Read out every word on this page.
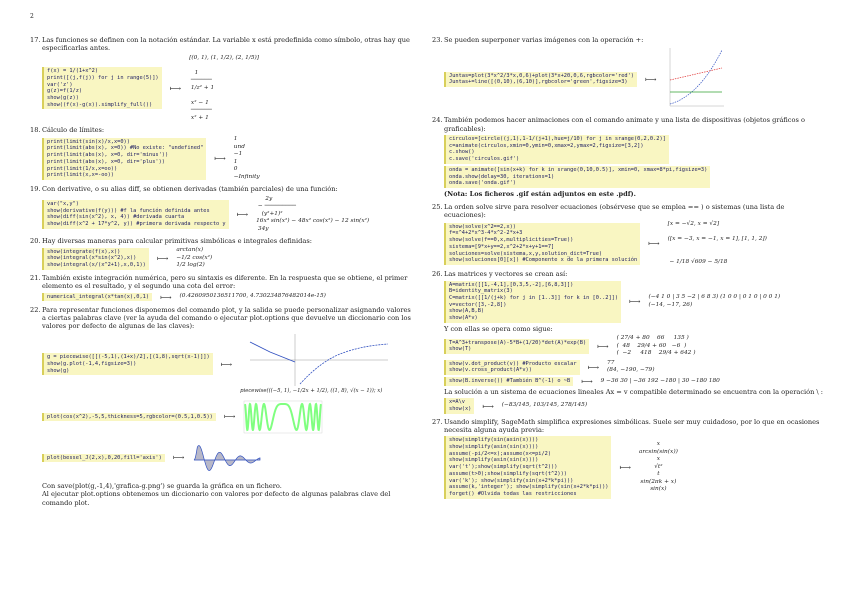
2
17. Las funciones se definen con la notación estándar. La variable x está predefinida como símbolo, otras hay que especificarlas antes.
f(x) = 1/(1+x^2)
print([(j,f(j)) for j in range(5)])
var('z')
g(z)=f(1/z)
show(g(z))
show((f(x)-g(x)).simplify_full())
⟼
[(0, 1), (1, 1/2), (2, 1/5)]

1
──────
1/z² + 1

x² − 1
──────
x² + 1
18. Cálculo de límites:
print(limit(sin(x)/x,x=0))
print(limit(abs(x), x=0)) #No existe: "undefined"
print(limit(abs(x), x=0, dir='minus'))
print(limit(abs(x), x=0, dir='plus'))
print(limit(1/x,x=oo))
print(limit(x,x=-oo))
⟼
1
und
−1
1
0
−Infinity
19. Con derivative, o su alias diff, se obtienen derivadas (también parciales) de una función:
var("x,y")
show(derivative(f(y))) #f la función definida antes
show(diff(sin(x^2), x, 4)) #derivada cuarta
show(diff(x^2 + 17*y^2, y)) #primera derivada respecto y
⟼
2y
− ─────────
(y²+1)²
16x⁴ sin(x²) − 48x² cos(x²) − 12 sin(x²)
34y
20. Hay diversas maneras para calcular primitivas simbólicas e integrales definidas:
show(integrate(f(x),x))
show(integral(x*sin(x^2),x))
show(integral(x/(x^2+1),x,0,1))
⟼
arctan(x)
−1/2 cos(x²)
1/2 log(2)
21. También existe integración numérica, pero su sintaxis es diferente. En la respuesta que se obtiene, el primer elemento es el resultado, y el segundo una cota del error:
numerical_integral(x*tan(x),0,1)	⟼ (0.4260950136511700, 4.730234876482014e-15)
22. Para representar funciones disponemos del comando plot, y la salida se puede personalizar asignando valores a ciertas palabras clave (ver la ayuda del comando o ejecutar plot.options que devuelve un diccionario con los valores por defecto de algunas de las claves):
g = piecewise([[(-5,1),(1+x)/2],[(1,8),sqrt(x-1)]])
show(g.plot(-1,4,figsize=3))
show(g)
⟼
piecewise(((−5, 1), −1/2x + 1/2), ((1, 8), √(x − 1)); x)
plot(cos(x^2),-5,5,thickness=5,rgbcolor=(0.5,1,0.5))	⟼
plot(bessel_J(2,x),0,20,fill='axis')	⟼
Con save(plot(g,-1,4),'grafica-g.png') se guarda la gráfica en un fichero.
Al ejecutar plot.options obtenemos un diccionario con valores por defecto de algunas palabras clave del comando plot.
23. Se pueden superponer varias imágenes con la operación +:
Juntas=plot(3*x^2/3*x,0,6)+plot(3*x+20,0,6,rgbcolor='red')
Juntas+=line([(0,10),(6,10)],rgbcolor='green',figsize=3)	⟼
24. También podemos hacer animaciones con el comando animate y una lista de dispositivas (objetos gráficos o graficables):
circulos=[circle((j,1),1-1/(j+1),hue=j/10) for j in srange(0,2,0.2)]
c=animate(circulos,xmin=0,ymin=0,xmax=2,ymax=2,figsize=[3,2])
c.show()
c.save('circulos.gif')
onda = animate([sin(x+k) for k in srange(0,10,0.5)], xmin=0, xmax=8*pi,figsize=3)
onda.show(delay=30, iterations=1)
onda.save('onda.gif')
(Nota: Los ficheros .gif están adjuntos en este .pdf).
25. La orden solve sirve para resolver ecuaciones (obsérvese que se emplea == ) o sistemas (una lista de ecuaciones):
show(solve(x^2==2,x))
f=x^4+2*x^3-4*x^2-2*x+3
show(solve(f==0,x,multiplicities=True))
sistema=[9*x+y==2,x^2+2*x+y+1==7]
soluciones=solve(sistema,x,y,solution_dict=True)
show(soluciones[0][x]) #Componente x de la primera solución
⟼
[x = −√2, x = √2]

([x = −3, x = −1, x = 1], [1, 1, 2])

− 1/18 √609 − 5/18
26. Las matrices y vectores se crean así:
A=matrix([[1,-4,1],[0,3,5,-2],[6,8,3]])
B=identity_matrix(3)
C=matrix([[1/(j+k) for j in [1..3]] for k in [0..2]])
v=vector([3,-2,8])
show(A,B,B)
show(A*v)
⟼ (−4 1 0 | 3 5 −2 | 6 8 3) (1 0 0 | 0 1 0 | 0 0 1)
(−14, −17, 26)
Y con ellas se opera como sigue:
T=A^3+transpose(A)-5*B+(1/20)*det(A)*exp(B)
show(T)	⟼
( 27/4 + 80    66     135 )
(  48    29/4 + 60   −6  )
(  −2     418    29/4 + 642 )
show(v.dot_product(v)) #Producto escalar
show(v.cross_product(A*v))	⟼ 77
(84, −190, −79)
show(B.inverse()) #También B^(-1) o ~B	⟼ 9 −36 30 | −36 192 −180 | 30 −180 180
La solución a un sistema de ecuaciones lineales Ax = v compatible determinado se encuentra con la operación \ :
x=A\v
show(x)	⟼ (−83/145, 103/145, 278/145)
27. Usando simplify, SageMath simplifica expresiones simbólicas. Suele ser muy cuidadoso, por lo que en ocasiones necesita alguna ayuda previa:
show(simplify(sin(asin(x))))
show(simplify(asin(sin(x))))
assume(-pi/2<=x);assume(x<=pi/2)
show(simplify(asin(sin(x))))
var('t');show(simplify(sqrt(t^2)))
assume(t>0);show(simplify(sqrt(t^2)))
var('k'); show(simplify(sin(x+2*k*pi)))
assume(k,'integer'); show(simplify(sin(x+2*k*pi)))
forget() #Olvida todas las restricciones
⟼
x
arcsin(sin(x))
x
√t²
t
sin(2πk + x)
sin(x)
